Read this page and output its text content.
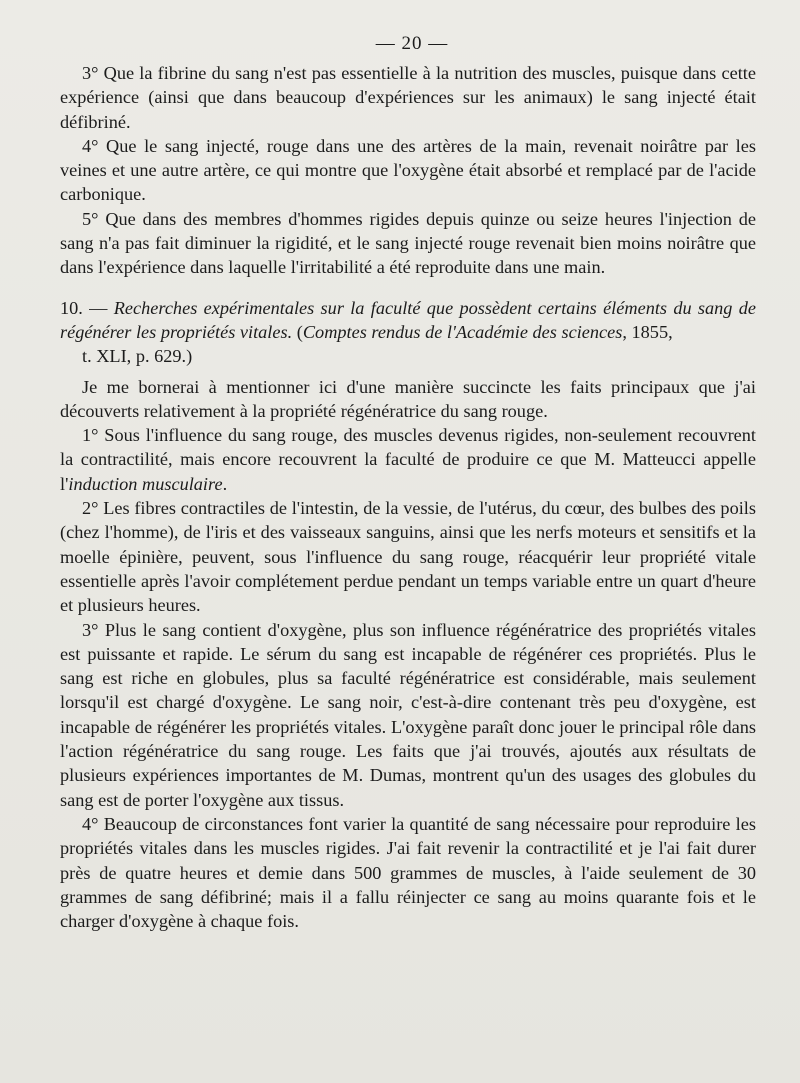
— 20 —

3° Que la fibrine du sang n'est pas essentielle à la nutrition des muscles, puisque dans cette expérience (ainsi que dans beaucoup d'expériences sur les animaux) le sang injecté était défibriné.

4° Que le sang injecté, rouge dans une des artères de la main, revenait noirâtre par les veines et une autre artère, ce qui montre que l'oxygène était absorbé et remplacé par de l'acide carbonique.

5° Que dans des membres d'hommes rigides depuis quinze ou seize heures l'injection de sang n'a pas fait diminuer la rigidité, et le sang injecté rouge revenait bien moins noirâtre que dans l'expérience dans laquelle l'irritabilité a été reproduite dans une main.

10. — Recherches expérimentales sur la faculté que possèdent certains éléments du sang de régénérer les propriétés vitales. (Comptes rendus de l'Académie des sciences, 1855,
t. XLI, p. 629.)

Je me bornerai à mentionner ici d'une manière succincte les faits principaux que j'ai découverts relativement à la propriété régénératrice du sang rouge.

1° Sous l'influence du sang rouge, des muscles devenus rigides, non-seulement recouvrent la contractilité, mais encore recouvrent la faculté de produire ce que M. Matteucci appelle l'induction musculaire.

2° Les fibres contractiles de l'intestin, de la vessie, de l'utérus, du cœur, des bulbes des poils (chez l'homme), de l'iris et des vaisseaux sanguins, ainsi que les nerfs moteurs et sensitifs et la moelle épinière, peuvent, sous l'influence du sang rouge, réacquérir leur propriété vitale essentielle après l'avoir complétement perdue pendant un temps variable entre un quart d'heure et plusieurs heures.

3° Plus le sang contient d'oxygène, plus son influence régénératrice des propriétés vitales est puissante et rapide. Le sérum du sang est incapable de régénérer ces propriétés. Plus le sang est riche en globules, plus sa faculté régénératrice est considérable, mais seulement lorsqu'il est chargé d'oxygène. Le sang noir, c'est-à-dire contenant très peu d'oxygène, est incapable de régénérer les propriétés vitales. L'oxygène paraît donc jouer le principal rôle dans l'action régénératrice du sang rouge. Les faits que j'ai trouvés, ajoutés aux résultats de plusieurs expériences importantes de M. Dumas, montrent qu'un des usages des globules du sang est de porter l'oxygène aux tissus.

4° Beaucoup de circonstances font varier la quantité de sang nécessaire pour reproduire les propriétés vitales dans les muscles rigides. J'ai fait revenir la contractilité et je l'ai fait durer près de quatre heures et demie dans 500 grammes de muscles, à l'aide seulement de 30 grammes de sang défibriné; mais il a fallu réinjecter ce sang au moins quarante fois et le charger d'oxygène à chaque fois.
